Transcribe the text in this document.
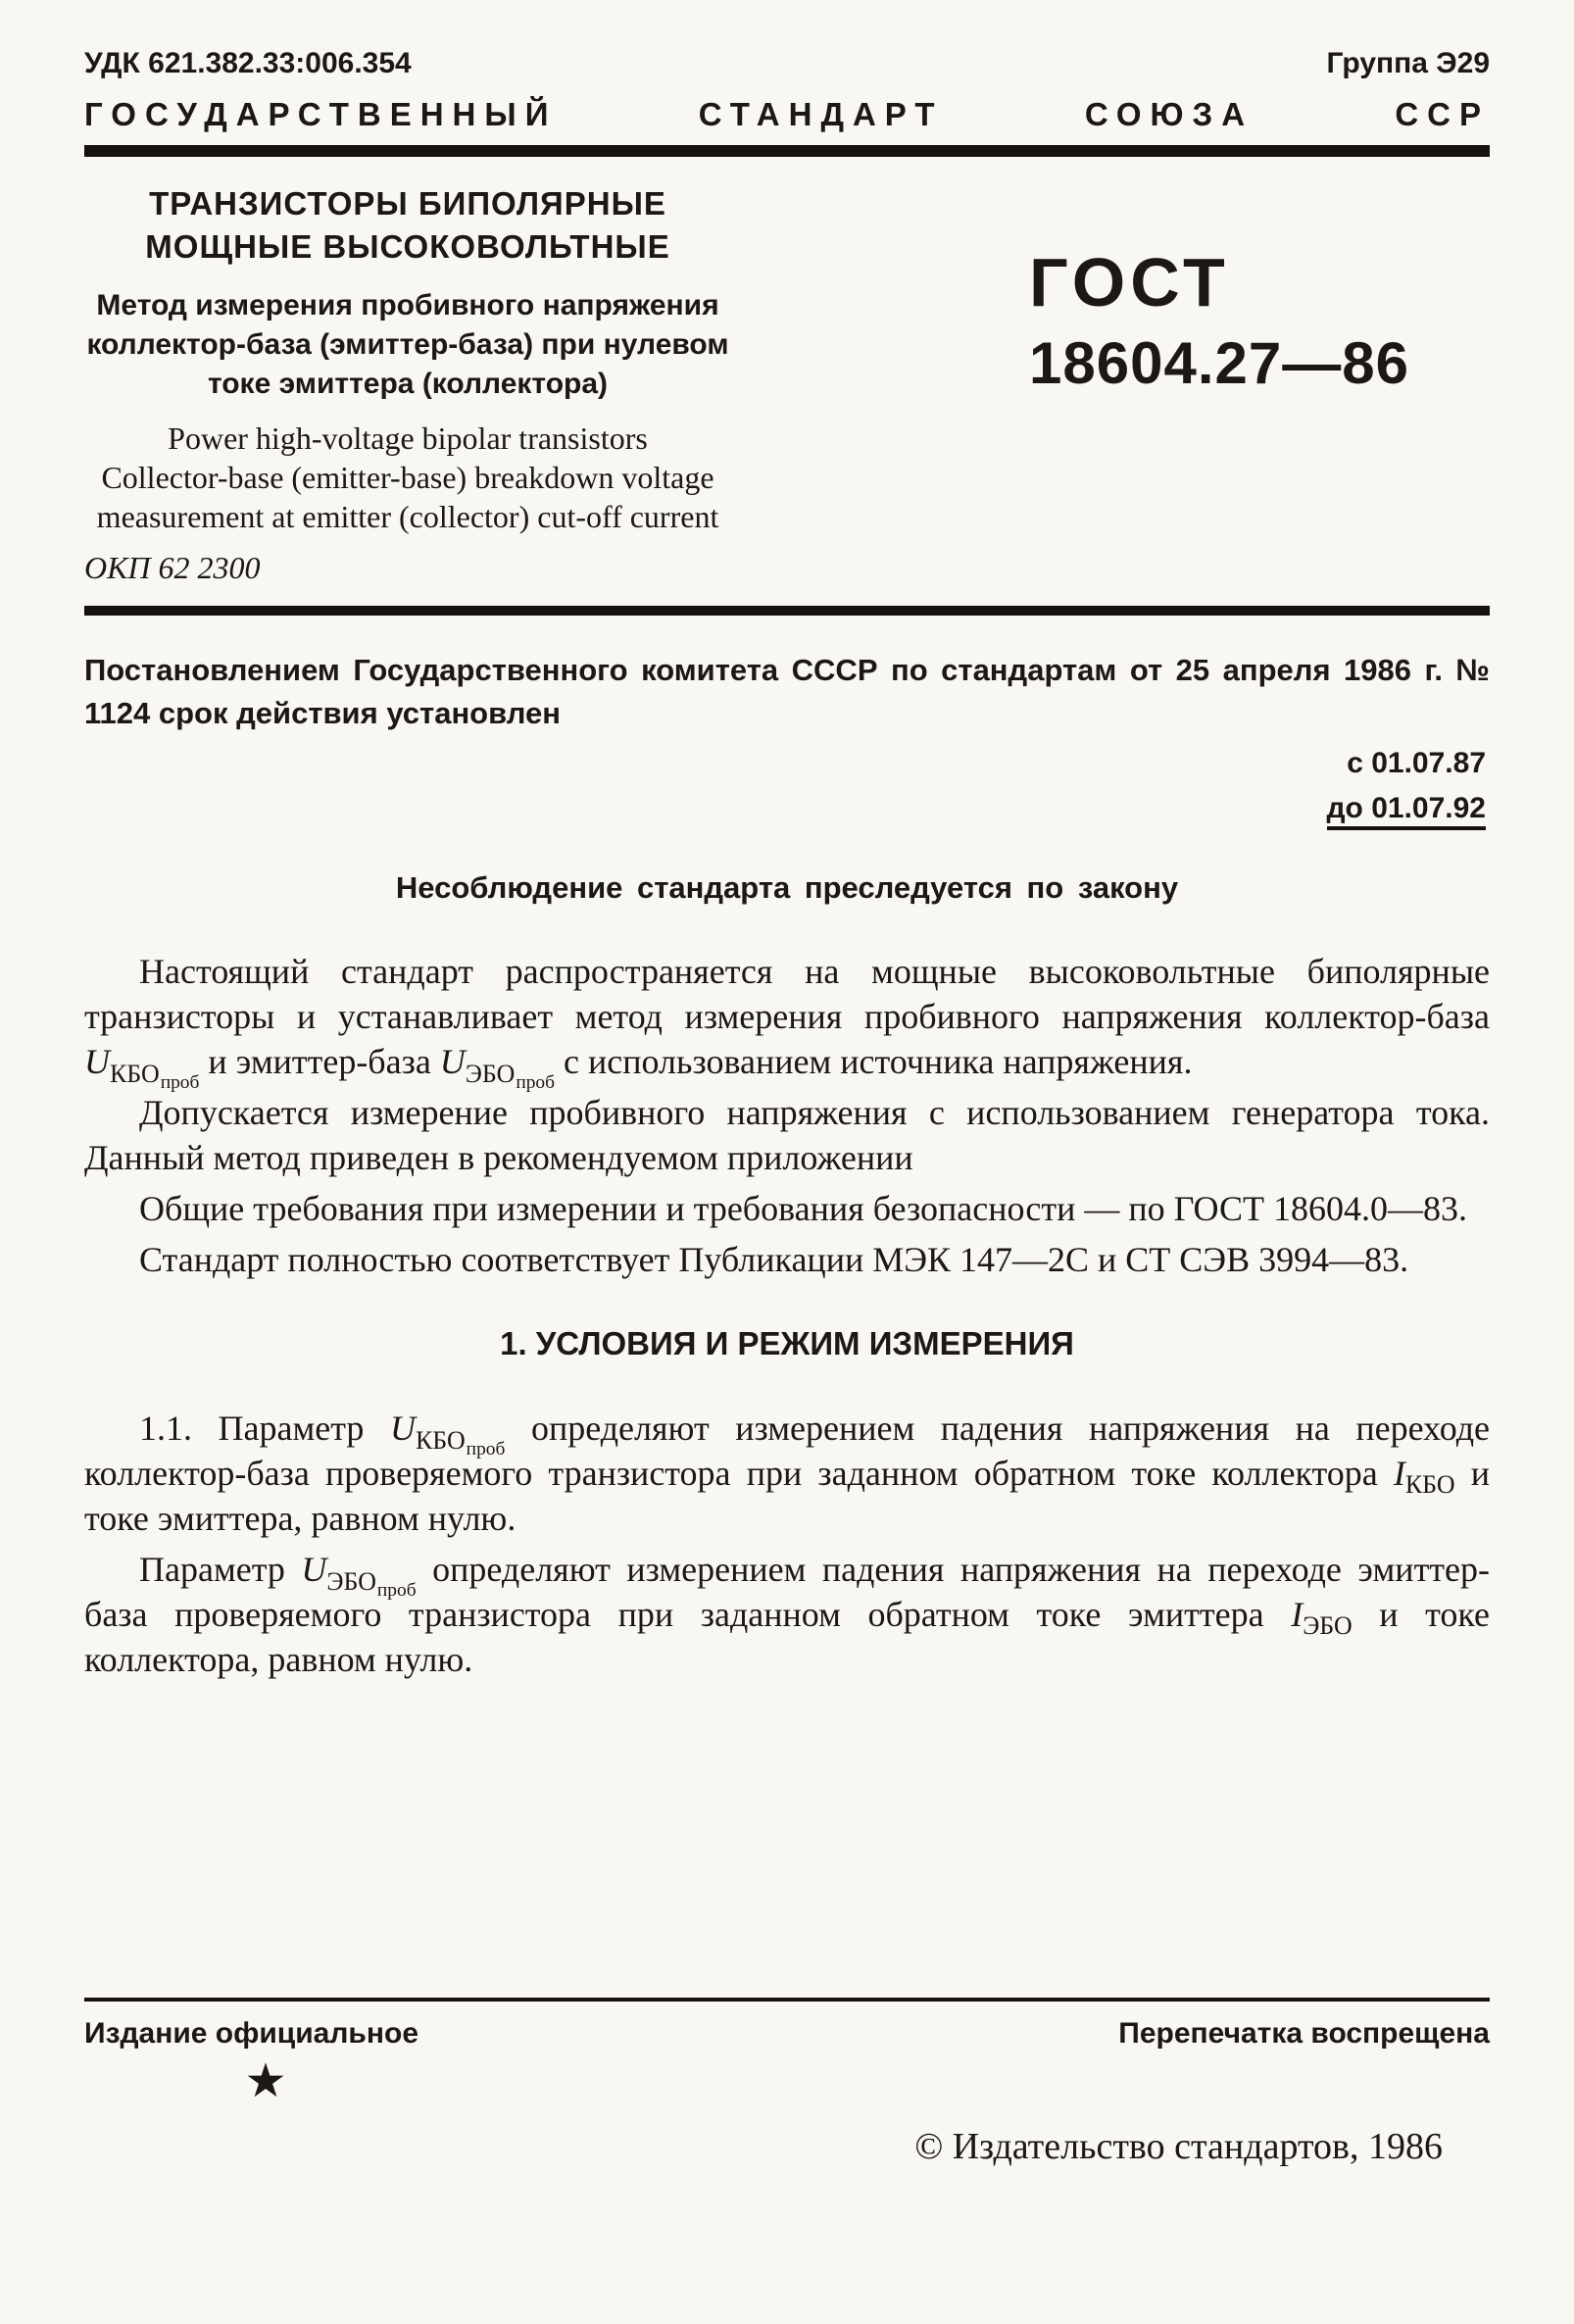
УДК 621.382.33:006.354	Группа Э29
ГОСУДАРСТВЕННЫЙ СТАНДАРТ СОЮЗА ССР
ТРАНЗИСТОРЫ БИПОЛЯРНЫЕ
МОЩНЫЕ ВЫСОКОВОЛЬТНЫЕ
Метод измерения пробивного напряжения
коллектор-база (эмиттер-база) при нулевом
токе эмиттера (коллектора)
Power high-voltage bipolar transistors
Collector-base (emitter-base) breakdown voltage
measurement at emitter (collector) cut-off current
ОКП 62 2300
ГОСТ
18604.27—86

Постановлением Государственного комитета СССР по стандартам от 25 апреля 1986 г. № 1124 срок действия установлен

с 01.07.87
до 01.07.92
Несоблюдение стандарта преследуется по закону

Настоящий стандарт распространяется на мощные высоковольтные биполярные транзисторы и устанавливает метод измерения пробивного напряжения коллектор-база $U_{КБО_{проб}}$ и эмиттер-база $U_{ЭБО_{проб}}$ с использованием источника напряжения.

Допускается измерение пробивного напряжения с использованием генератора тока. Данный метод приведен в рекомендуемом приложении

Общие требования при измерении и требования безопасности — по ГОСТ 18604.0—83.

Стандарт полностью соответствует Публикации МЭК 147—2С и СТ СЭВ 3994—83.

1. УСЛОВИЯ И РЕЖИМ ИЗМЕРЕНИЯ

1.1. Параметр $U_{КБО_{проб}}$ определяют измерением падения напряжения на переходе коллектор-база проверяемого транзистора при заданном обратном токе коллектора $I_{КБО}$ и токе эмиттера, равном нулю.

Параметр $U_{ЭБО_{проб}}$ определяют измерением падения напряжения на переходе эмиттер-база проверяемого транзистора при заданном обратном токе эмиттера $I_{ЭБО}$ и токе коллектора, равном нулю.

Издание официальное	Перепечатка воспрещена
★
© Издательство стандартов, 1986
